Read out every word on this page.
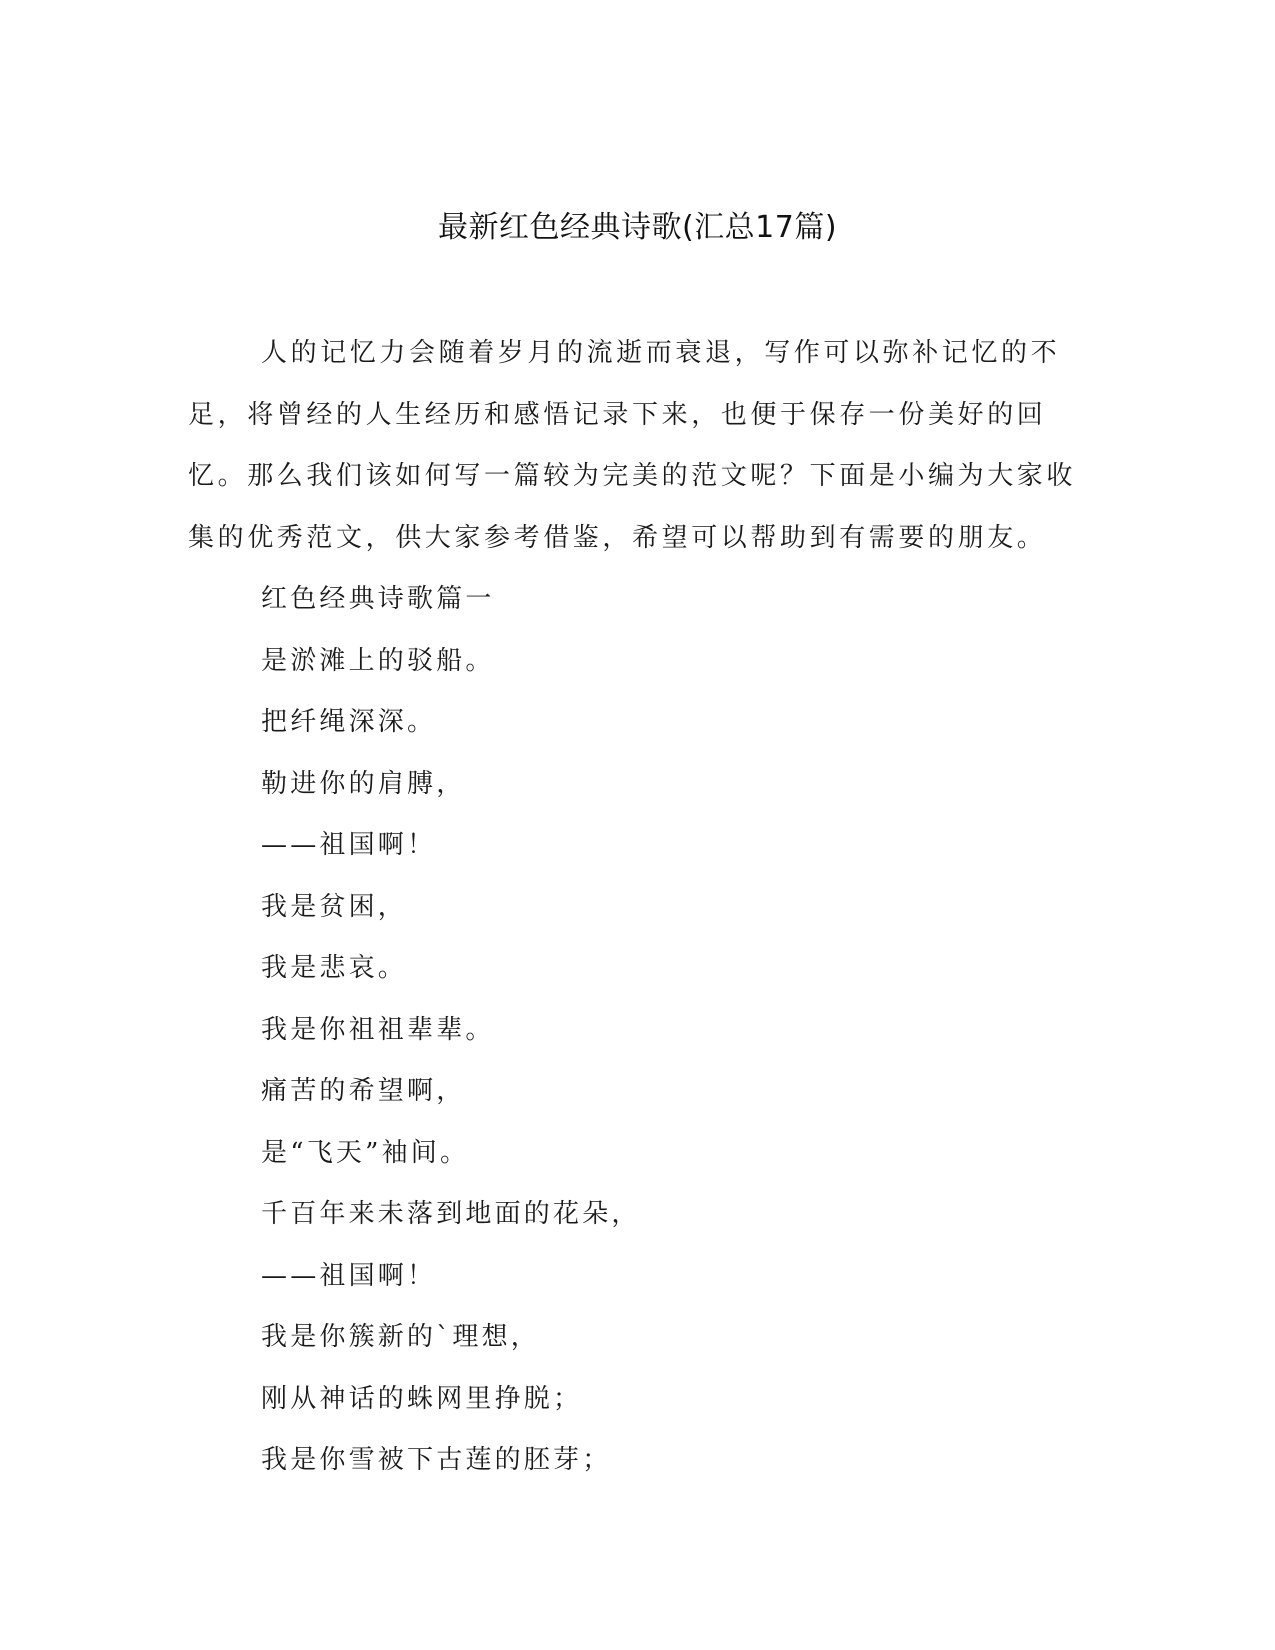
最新红色经典诗歌(汇总17篇)

人的记忆力会随着岁月的流逝而衰退，写作可以弥补记忆的不足，将曾经的人生经历和感悟记录下来，也便于保存一份美好的回忆。那么我们该如何写一篇较为完美的范文呢？下面是小编为大家收集的优秀范文，供大家参考借鉴，希望可以帮助到有需要的朋友。

红色经典诗歌篇一
是淤滩上的驳船。
把纤绳深深。
勒进你的肩膊，
——祖国啊！
我是贫困，
我是悲哀。
我是你祖祖辈辈。
痛苦的希望啊，
是“飞天”袖间。
千百年来未落到地面的花朵，
——祖国啊！
我是你簇新的`理想，
刚从神话的蛛网里挣脱；
我是你雪被下古莲的胚芽；
